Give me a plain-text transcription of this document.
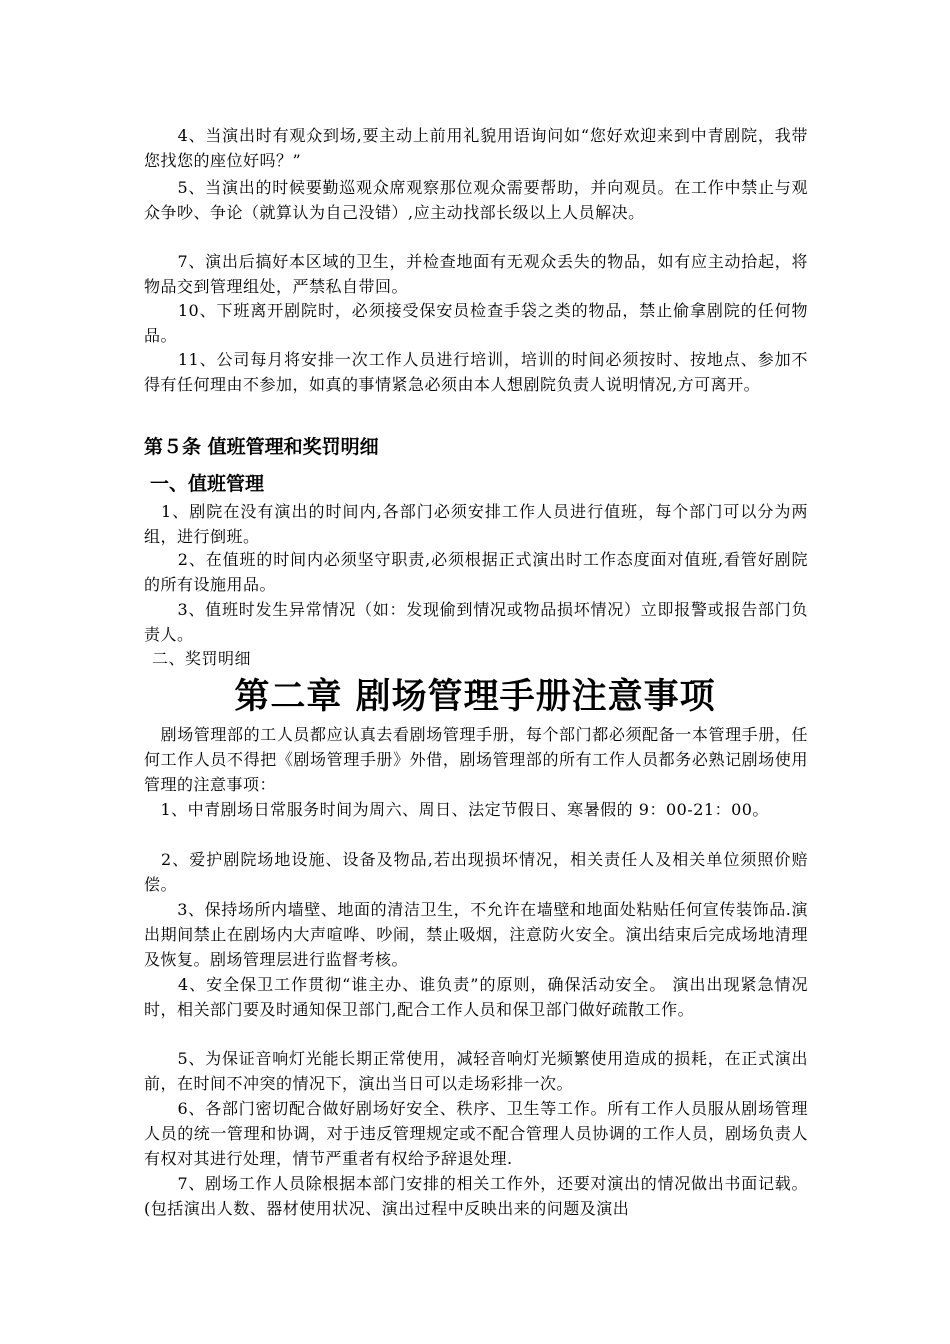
　　4、当演出时有观众到场,要主动上前用礼貌用语询问如“您好欢迎来到中青剧院，我带您找您的座位好吗？”

　　5、当演出的时候要勤巡观众席观察那位观众需要帮助，并向观员。在工作中禁止与观众争吵、争论（就算认为自己没错）,应主动找部长级以上人员解决。

　　7、演出后搞好本区域的卫生，并检查地面有无观众丢失的物品，如有应主动拾起，将物品交到管理组处，严禁私自带回。

　　10、下班离开剧院时，必须接受保安员检查手袋之类的物品，禁止偷拿剧院的任何物品。

　　11、公司每月将安排一次工作人员进行培训，培训的时间必须按时、按地点、参加不得有任何理由不参加，如真的事情紧急必须由本人想剧院负责人说明情况,方可离开。

第５条 值班管理和奖罚明细
一、值班管理

　1、剧院在没有演出的时间内,各部门必须安排工作人员进行值班，每个部门可以分为两组，进行倒班。

　　2、在值班的时间内必须坚守职责,必须根据正式演出时工作态度面对值班,看管好剧院的所有设施用品。

　　3、值班时发生异常情况（如：发现偷到情况或物品损坏情况）立即报警或报告部门负责人。

二、奖罚明细

第二章 剧场管理手册注意事项

　剧场管理部的工人员都应认真去看剧场管理手册，每个部门都必须配备一本管理手册，任何工作人员不得把《剧场管理手册》外借，剧场管理部的所有工作人员都务必熟记剧场使用管理的注意事项：

　1、中青剧场日常服务时间为周六、周日、法定节假日、寒暑假的 9：00-21：00。

　2、爱护剧院场地设施、设备及物品,若出现损坏情况，相关责任人及相关单位须照价赔偿。

　　3、保持场所内墙壁、地面的清洁卫生，不允许在墙壁和地面处粘贴任何宣传装饰品.演出期间禁止在剧场内大声喧哗、吵闹，禁止吸烟，注意防火安全。演出结束后完成场地清理及恢复。剧场管理层进行监督考核。

　　4、安全保卫工作贯彻“谁主办、谁负责”的原则，确保活动安全。 演出出现紧急情况时，相关部门要及时通知保卫部门,配合工作人员和保卫部门做好疏散工作。

　　5、为保证音响灯光能长期正常使用，减轻音响灯光频繁使用造成的损耗，在正式演出前，在时间不冲突的情况下，演出当日可以走场彩排一次。

　　6、各部门密切配合做好剧场好安全、秩序、卫生等工作。所有工作人员服从剧场管理人员的统一管理和协调，对于违反管理规定或不配合管理人员协调的工作人员，剧场负责人有权对其进行处理，情节严重者有权给予辞退处理.

　　7、剧场工作人员除根据本部门安排的相关工作外，还要对演出的情况做出书面记载。(包括演出人数、器材使用状况、演出过程中反映出来的问题及演出
